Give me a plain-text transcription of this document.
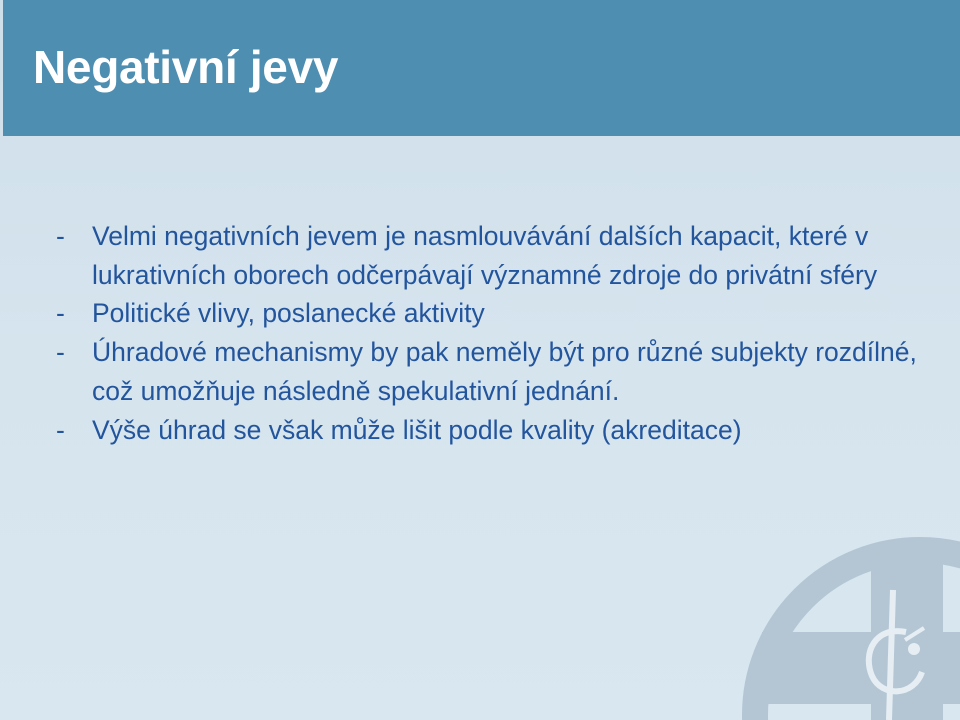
Negativní jevy
- Velmi negativních jevem je nasmlouvávání dalších kapacit, které v lukrativních oborech odčerpávají významné zdroje do privátní sféry
- Politické vlivy, poslanecké aktivity
- Úhradové mechanismy by pak neměly být pro různé subjekty rozdílné, což umožňuje následně spekulativní jednání.
- Výše úhrad se však může lišit podle kvality (akreditace)
